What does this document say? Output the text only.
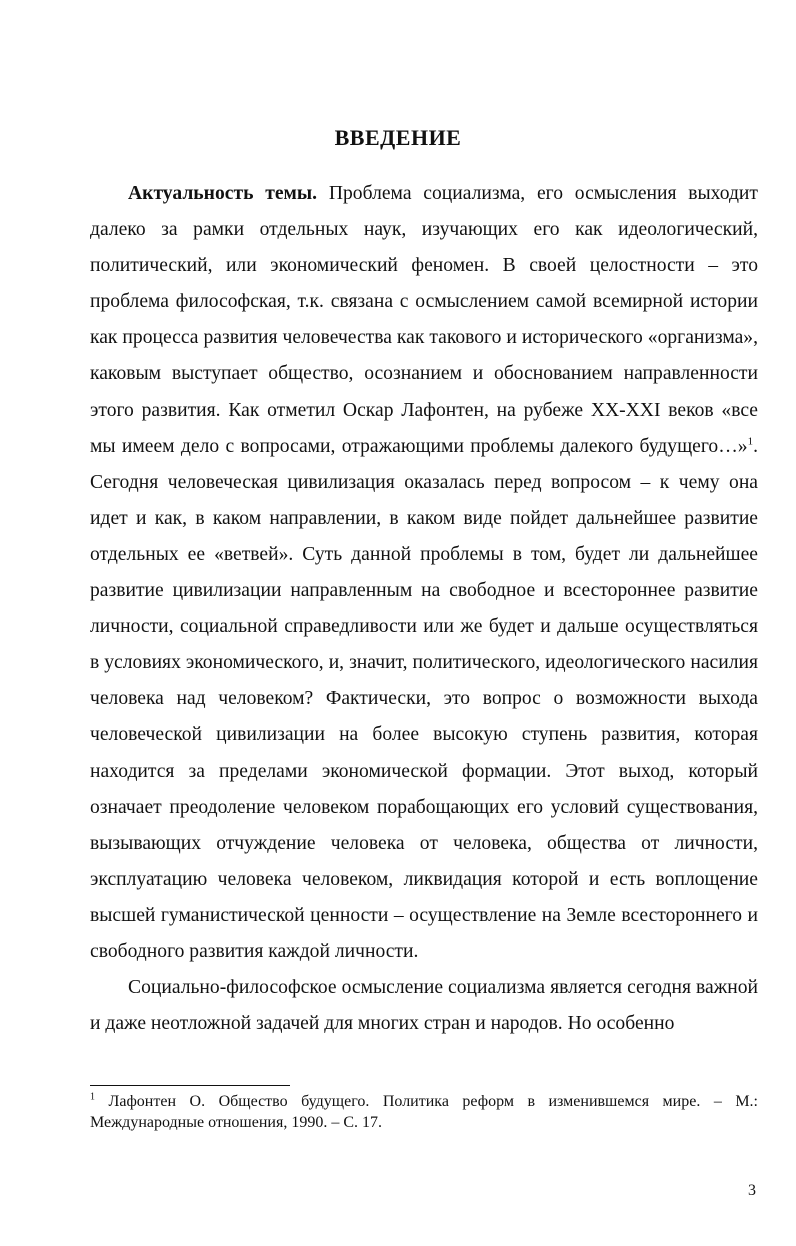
ВВЕДЕНИЕ

Актуальность темы. Проблема социализма, его осмысления выходит далеко за рамки отдельных наук, изучающих его как идеологический, политический, или экономический феномен. В своей целостности – это проблема философская, т.к. связана с осмыслением самой всемирной истории как процесса развития человечества как такового и исторического «организма», каковым выступает общество, осознанием и обоснованием направленности этого развития. Как отметил Оскар Лафонтен, на рубеже XX-XXI веков «все мы имеем дело с вопросами, отражающими проблемы далекого будущего…»$^1$. Сегодня человеческая цивилизация оказалась перед вопросом – к чему она идет и как, в каком направлении, в каком виде пойдет дальнейшее развитие отдельных ее «ветвей». Суть данной проблемы в том, будет ли дальнейшее развитие цивилизации направленным на свободное и всестороннее развитие личности, социальной справедливости или же будет и дальше осуществляться в условиях экономического, и, значит, политического, идеологического насилия человека над человеком? Фактически, это вопрос о возможности выхода человеческой цивилизации на более высокую ступень развития, которая находится за пределами экономической формации. Этот выход, который означает преодоление человеком порабощающих его условий существования, вызывающих отчуждение человека от человека, общества от личности, эксплуатацию человека человеком, ликвидация которой и есть воплощение высшей гуманистической ценности – осуществление на Земле всестороннего и свободного развития каждой личности.

Социально-философское осмысление социализма является сегодня важной и даже неотложной задачей для многих стран и народов. Но особенно

$^1$ Лафонтен О. Общество будущего. Политика реформ в изменившемся мире. – М.: Международные отношения, 1990. – С. 17.
3
